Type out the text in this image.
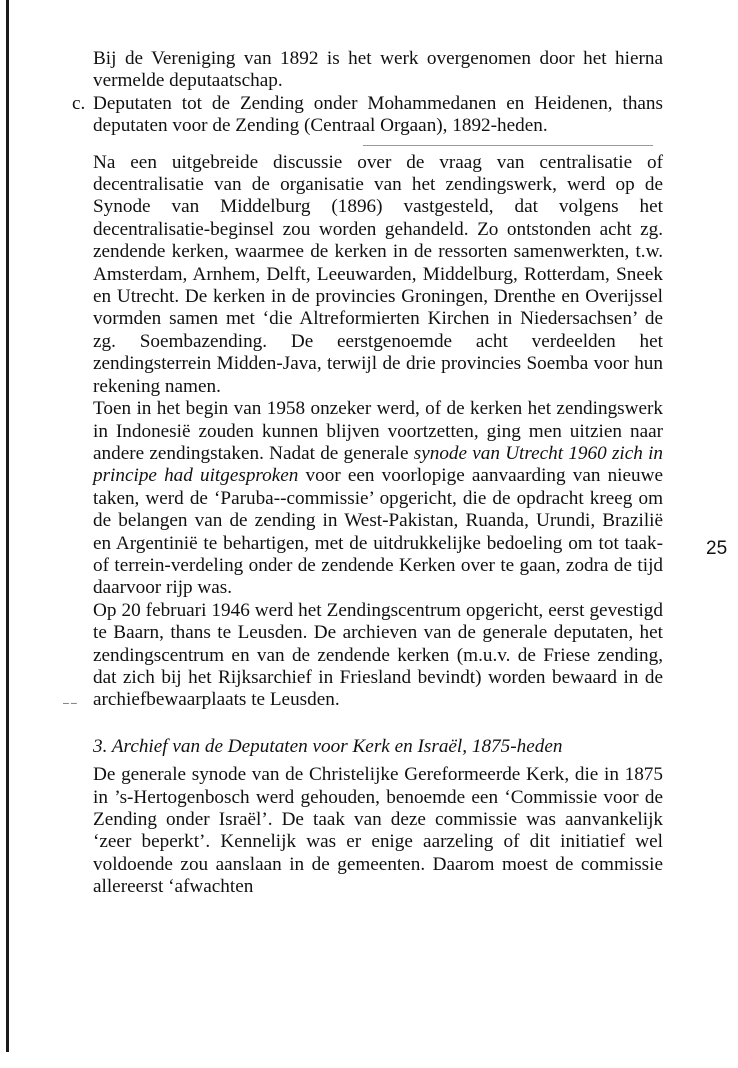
Bij de Vereniging van 1892 is het werk overgenomen door het hierna vermelde deputaatschap.

c. Deputaten tot de Zending onder Mohammedanen en Heidenen, thans deputaten voor de Zending (Centraal Orgaan), 1892-heden.

Na een uitgebreide discussie over de vraag van centralisatie of decentralisatie van de organisatie van het zendingswerk, werd op de Synode van Middelburg (1896) vastgesteld, dat volgens het decentralisatie-beginsel zou worden gehandeld. Zo ontstonden acht zg. zendende kerken, waarmee de kerken in de ressorten samenwerkten, t.w. Amsterdam, Arnhem, Delft, Leeuwarden, Middelburg, Rotterdam, Sneek en Utrecht. De kerken in de provincies Groningen, Drenthe en Overijssel vormden samen met ‘die Altreformierten Kirchen in Niedersachsen’ de zg. Soembazending. De eerstgenoemde acht verdeelden het zendingsterrein Midden-Java, terwijl de drie provincies Soemba voor hun rekening namen.

Toen in het begin van 1958 onzeker werd, of de kerken het zendingswerk in Indonesië zouden kunnen blijven voortzetten, ging men uitzien naar andere zendingstaken. Nadat de generale synode van Utrecht 1960 zich in principe had uitgesproken voor een voorlopige aanvaarding van nieuwe taken, werd de ‘Paruba--commissie’ opgericht, die de opdracht kreeg om de belangen van de zending in West-Pakistan, Ruanda, Urundi, Brazilië en Argentinië te behartigen, met de uitdrukkelijke bedoeling om tot taak- of terrein-verdeling onder de zendende Kerken over te gaan, zodra de tijd daarvoor rijp was.

Op 20 februari 1946 werd het Zendingscentrum opgericht, eerst gevestigd te Baarn, thans te Leusden. De archieven van de generale deputaten, het zendingscentrum en van de zendende kerken (m.u.v. de Friese zending, dat zich bij het Rijksarchief in Friesland bevindt) worden bewaard in de archiefbewaarplaats te Leusden.

3. Archief van de Deputaten voor Kerk en Israël, 1875-heden

De generale synode van de Christelijke Gereformeerde Kerk, die in 1875 in ’s-Hertogenbosch werd gehouden, benoemde een ‘Commissie voor de Zending onder Israël’. De taak van deze commissie was aanvankelijk ‘zeer beperkt’. Kennelijk was er enige aarzeling of dit initiatief wel voldoende zou aanslaan in de gemeenten. Daarom moest de commissie allereerst ‘afwachten

⁻⁻
25
